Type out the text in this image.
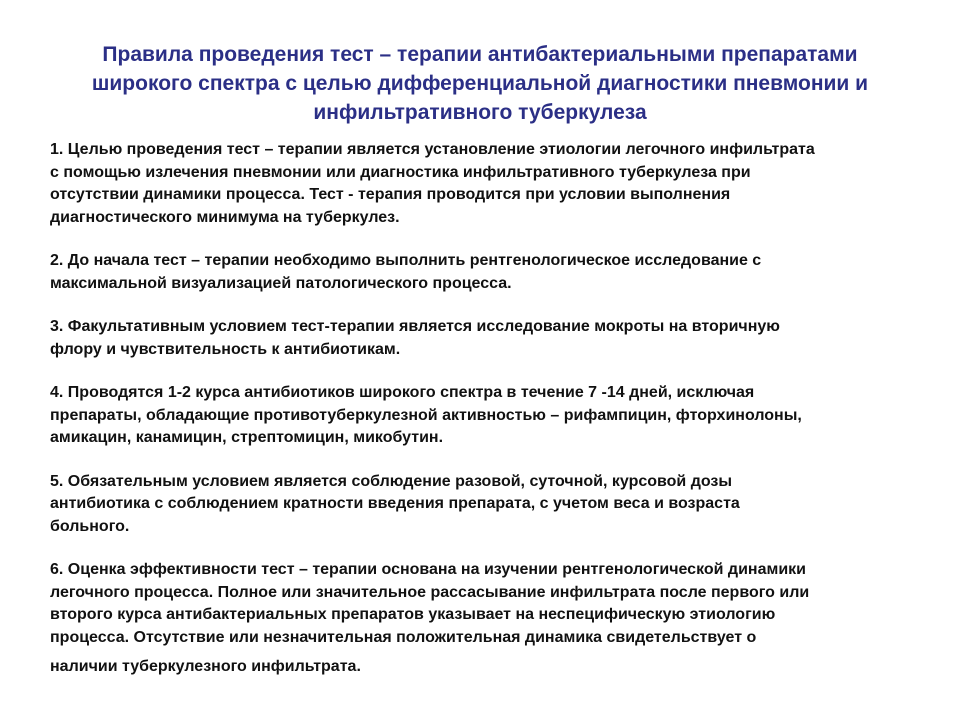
Правила проведения тест – терапии антибактериальными препаратами
широкого спектра с целью дифференциальной диагностики пневмонии и
инфильтративного туберкулеза
1. Целью проведения тест – терапии является установление этиологии легочного инфильтрата
с помощью излечения пневмонии или диагностика инфильтративного туберкулеза при
отсутствии динамики процесса. Тест - терапия проводится при условии выполнения
диагностического минимума на туберкулез.
2. До начала тест – терапии необходимо выполнить рентгенологическое исследование с
максимальной визуализацией патологического процесса.
3. Факультативным условием тест-терапии является исследование мокроты на вторичную
флору и чувствительность к антибиотикам.
4. Проводятся 1-2 курса антибиотиков широкого спектра в течение 7 -14 дней, исключая
препараты, обладающие противотуберкулезной активностью – рифампицин, фторхинолоны,
амикацин, канамицин, стрептомицин, микобутин.
5. Обязательным условием является соблюдение разовой, суточной, курсовой дозы
антибиотика с соблюдением кратности введения препарата, с учетом веса и возраста
больного.
6. Оценка эффективности тест – терапии основана на изучении рентгенологической динамики
легочного процесса. Полное или значительное рассасывание инфильтрата после первого или
второго курса антибактериальных препаратов указывает на неспецифическую этиологию
процесса. Отсутствие или незначительная положительная динамика свидетельствует о
наличии туберкулезного инфильтрата.
